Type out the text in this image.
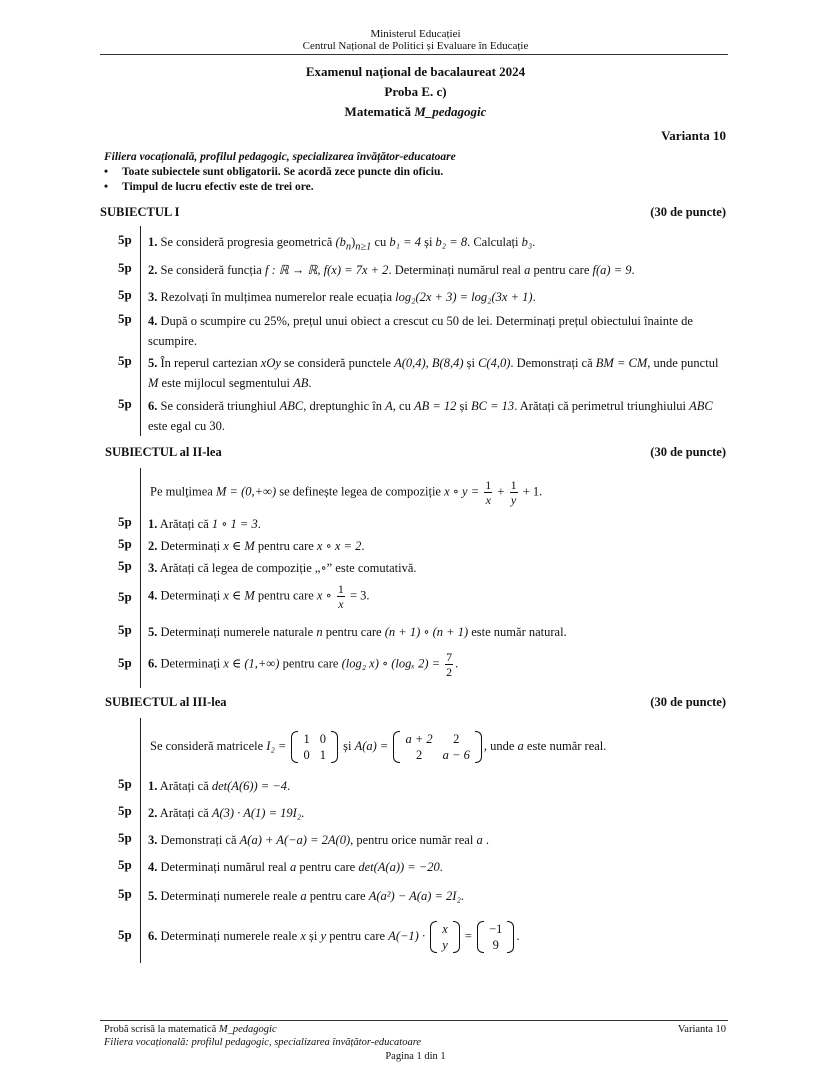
Ministerul Educației
Centrul Național de Politici și Evaluare în Educație
Examenul național de bacalaureat 2024
Proba E. c)
Matematică M_pedagogic
Varianta 10
Filiera vocațională, profilul pedagogic, specializarea învățător-educatoare
• Toate subiectele sunt obligatorii. Se acordă zece puncte din oficiu.
• Timpul de lucru efectiv este de trei ore.
SUBIECTUL I	(30 de puncte)
5p	1. Se consideră progresia geometrică $(b_n)_{n\ge 1}$ cu b₁ = 4 și b₂ = 8. Calculați b₃.
5p	2. Se consideră funcția f : ℝ → ℝ, f(x) = 7x + 2. Determinați numărul real a pentru care f(a) = 9.
5p	3. Rezolvați în mulțimea numerelor reale ecuația log₂(2x + 3) = log₂(3x + 1).
5p	4. După o scumpire cu 25%, prețul unui obiect a crescut cu 50 de lei. Determinați prețul obiectului înainte de scumpire.
5p	5. În reperul cartezian xOy se consideră punctele A(0,4), B(8,4) și C(4,0). Demonstrați că BM = CM, unde punctul M este mijlocul segmentului AB.
5p	6. Se consideră triunghiul ABC, dreptunghic în A, cu AB = 12 și BC = 13. Arătați că perimetrul triunghiului ABC este egal cu 30.
SUBIECTUL al II-lea	(30 de puncte)
Pe mulțimea M = (0,+∞) se definește legea de compoziție x ∘ $y = \frac{1}{x} + \frac{1}{y} + 1$.
5p	1. Arătați că 1 ∘ 1 = 3.
5p	2. Determinați x ∈ M pentru care x ∘ x = 2.
5p	3. Arătați că legea de compoziție „∘” este comutativă.
5p	4. Determinați x ∈ M pentru care x ∘ $\frac{1}{x} = 3$.
5p	5. Determinați numerele naturale n pentru care (n + 1) ∘ (n + 1) este număr natural.
5p	6. Determinați x ∈ (1,+∞) pentru care (log₂ x) ∘ (logₓ $2) = \frac{7}{2}$ .
SUBIECTUL al III-lea	(30 de puncte)
Se consideră matricele I₂ = 1	0
0	1
și A(a) = a + 2	2
2	a − 6
, unde a este număr real.
5p	1. Arătați că det(A(6)) = −4.
5p	2. Arătați că A(3) · A(1) = 19I₂.
5p	3. Demonstrați că A(a) + A(−a) = 2A(0), pentru orice număr real a .
5p	4. Determinați numărul real a pentru care det(A(a)) = −20.
5p	5. Determinați numerele reale a pentru care A(a²) − A(a) = 2I₂.
5p	6. Determinați numerele reale x și y pentru care A(−1) · x
y
= −1
9
.
Probă scrisă la matematică M_pedagogic	Varianta 10
Filiera vocațională: profilul pedagogic, specializarea învățător-educatoare
Pagina 1 din 1
